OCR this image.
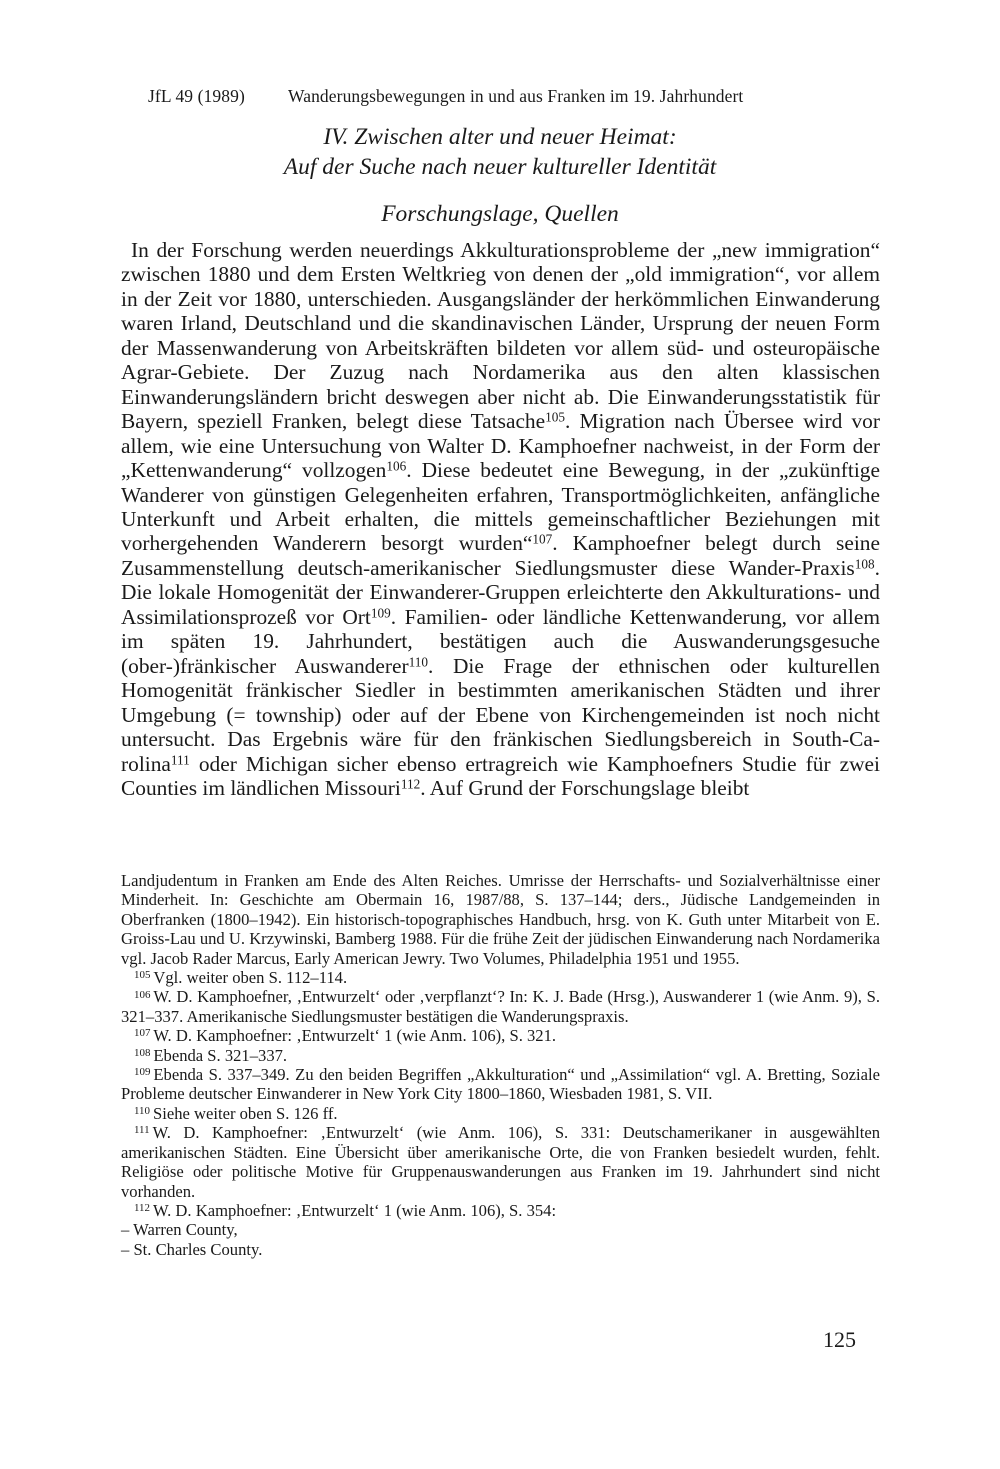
JfL 49 (1989) Wanderungsbewegungen in und aus Franken im 19. Jahrhundert
IV. Zwischen alter und neuer Heimat:
Auf der Suche nach neuer kultureller Identität
Forschungslage, Quellen

In der Forschung werden neuerdings Akkulturationsprobleme der „new immigration“ zwischen 1880 und dem Ersten Weltkrieg von denen der „old immigration“, vor allem in der Zeit vor 1880, unterschieden. Ausgangsländer der herkömmlichen Einwanderung waren Irland, Deutschland und die skandinavischen Länder, Ursprung der neuen Form der Massenwanderung von Arbeitskräften bildeten vor allem süd- und osteuropäische Agrar-Gebiete. Der Zuzug nach Nordamerika aus den alten klassischen Einwanderungsländern bricht deswegen aber nicht ab. Die Einwanderungsstatistik für Bayern, speziell Franken, belegt diese Tatsache$^{105}$. Migration nach Übersee wird vor allem, wie eine Untersuchung von Walter D. Kamphoefner nachweist, in der Form der „Kettenwanderung“ vollzogen$^{106}$. Diese bedeutet eine Bewegung, in der „zukünftige Wanderer von günstigen Gelegenheiten erfahren, Transportmöglichkeiten, anfängliche Unterkunft und Arbeit erhalten, die mittels gemeinschaftlicher Beziehungen mit vorhergehenden Wanderern besorgt wurden“$^{107}$. Kamphoefner belegt durch seine Zusammenstellung deutsch-amerikanischer Siedlungsmuster diese Wander-Praxis$^{108}$. Die lokale Homogenität der Einwanderer-Gruppen erleichterte den Akkulturations- und Assimilationsprozeß vor Ort$^{109}$. Familien- oder ländliche Kettenwanderung, vor allem im späten 19. Jahrhundert, bestätigen auch die Auswanderungsgesuche (ober-)fränkischer Auswanderer$^{110}$. Die Frage der ethnischen oder kulturellen Homogenität fränkischer Siedler in bestimmten amerikanischen Städten und ihrer Umgebung (= township) oder auf der Ebene von Kirchengemeinden ist noch nicht untersucht. Das Ergebnis wäre für den fränkischen Siedlungsbereich in South-Carolina$^{111}$ oder Michigan sicher ebenso ertragreich wie Kamphoefners Studie für zwei Counties im ländlichen Missouri$^{112}$. Auf Grund der Forschungslage bleibt

Landjudentum in Franken am Ende des Alten Reiches. Umrisse der Herrschafts- und Sozialverhältnisse einer Minderheit. In: Geschichte am Obermain 16, 1987/88, S. 137–144; ders., Jüdische Landgemeinden in Oberfranken (1800–1942). Ein historisch-topographisches Handbuch, hrsg. von K. Guth unter Mitarbeit von E. Groiss-Lau und U. Krzywinski, Bamberg 1988. Für die frühe Zeit der jüdischen Einwanderung nach Nordamerika vgl. Jacob Rader Marcus, Early American Jewry. Two Volumes, Philadelphia 1951 und 1955.

$^{105}$ Vgl. weiter oben S. 112–114.

$^{106}$ W. D. Kamphoefner, ‚Entwurzelt‘ oder ‚verpflanzt‘? In: K. J. Bade (Hrsg.), Auswanderer 1 (wie Anm. 9), S. 321–337. Amerikanische Siedlungsmuster bestätigen die Wanderungspraxis.

$^{107}$ W. D. Kamphoefner: ‚Entwurzelt‘ 1 (wie Anm. 106), S. 321.

$^{108}$ Ebenda S. 321–337.

$^{109}$ Ebenda S. 337–349. Zu den beiden Begriffen „Akkulturation“ und „Assimilation“ vgl. A. Bretting, Soziale Probleme deutscher Einwanderer in New York City 1800–1860, Wiesbaden 1981, S. VII.

$^{110}$ Siehe weiter oben S. 126 ff.

$^{111}$ W. D. Kamphoefner: ‚Entwurzelt‘ (wie Anm. 106), S. 331: Deutschamerikaner in ausgewählten amerikanischen Städten. Eine Übersicht über amerikanische Orte, die von Franken besiedelt wurden, fehlt. Religiöse oder politische Motive für Gruppenauswanderungen aus Franken im 19. Jahrhundert sind nicht vorhanden.

$^{112}$ W. D. Kamphoefner: ‚Entwurzelt‘ 1 (wie Anm. 106), S. 354:

– Warren County,
– St. Charles County.
125
